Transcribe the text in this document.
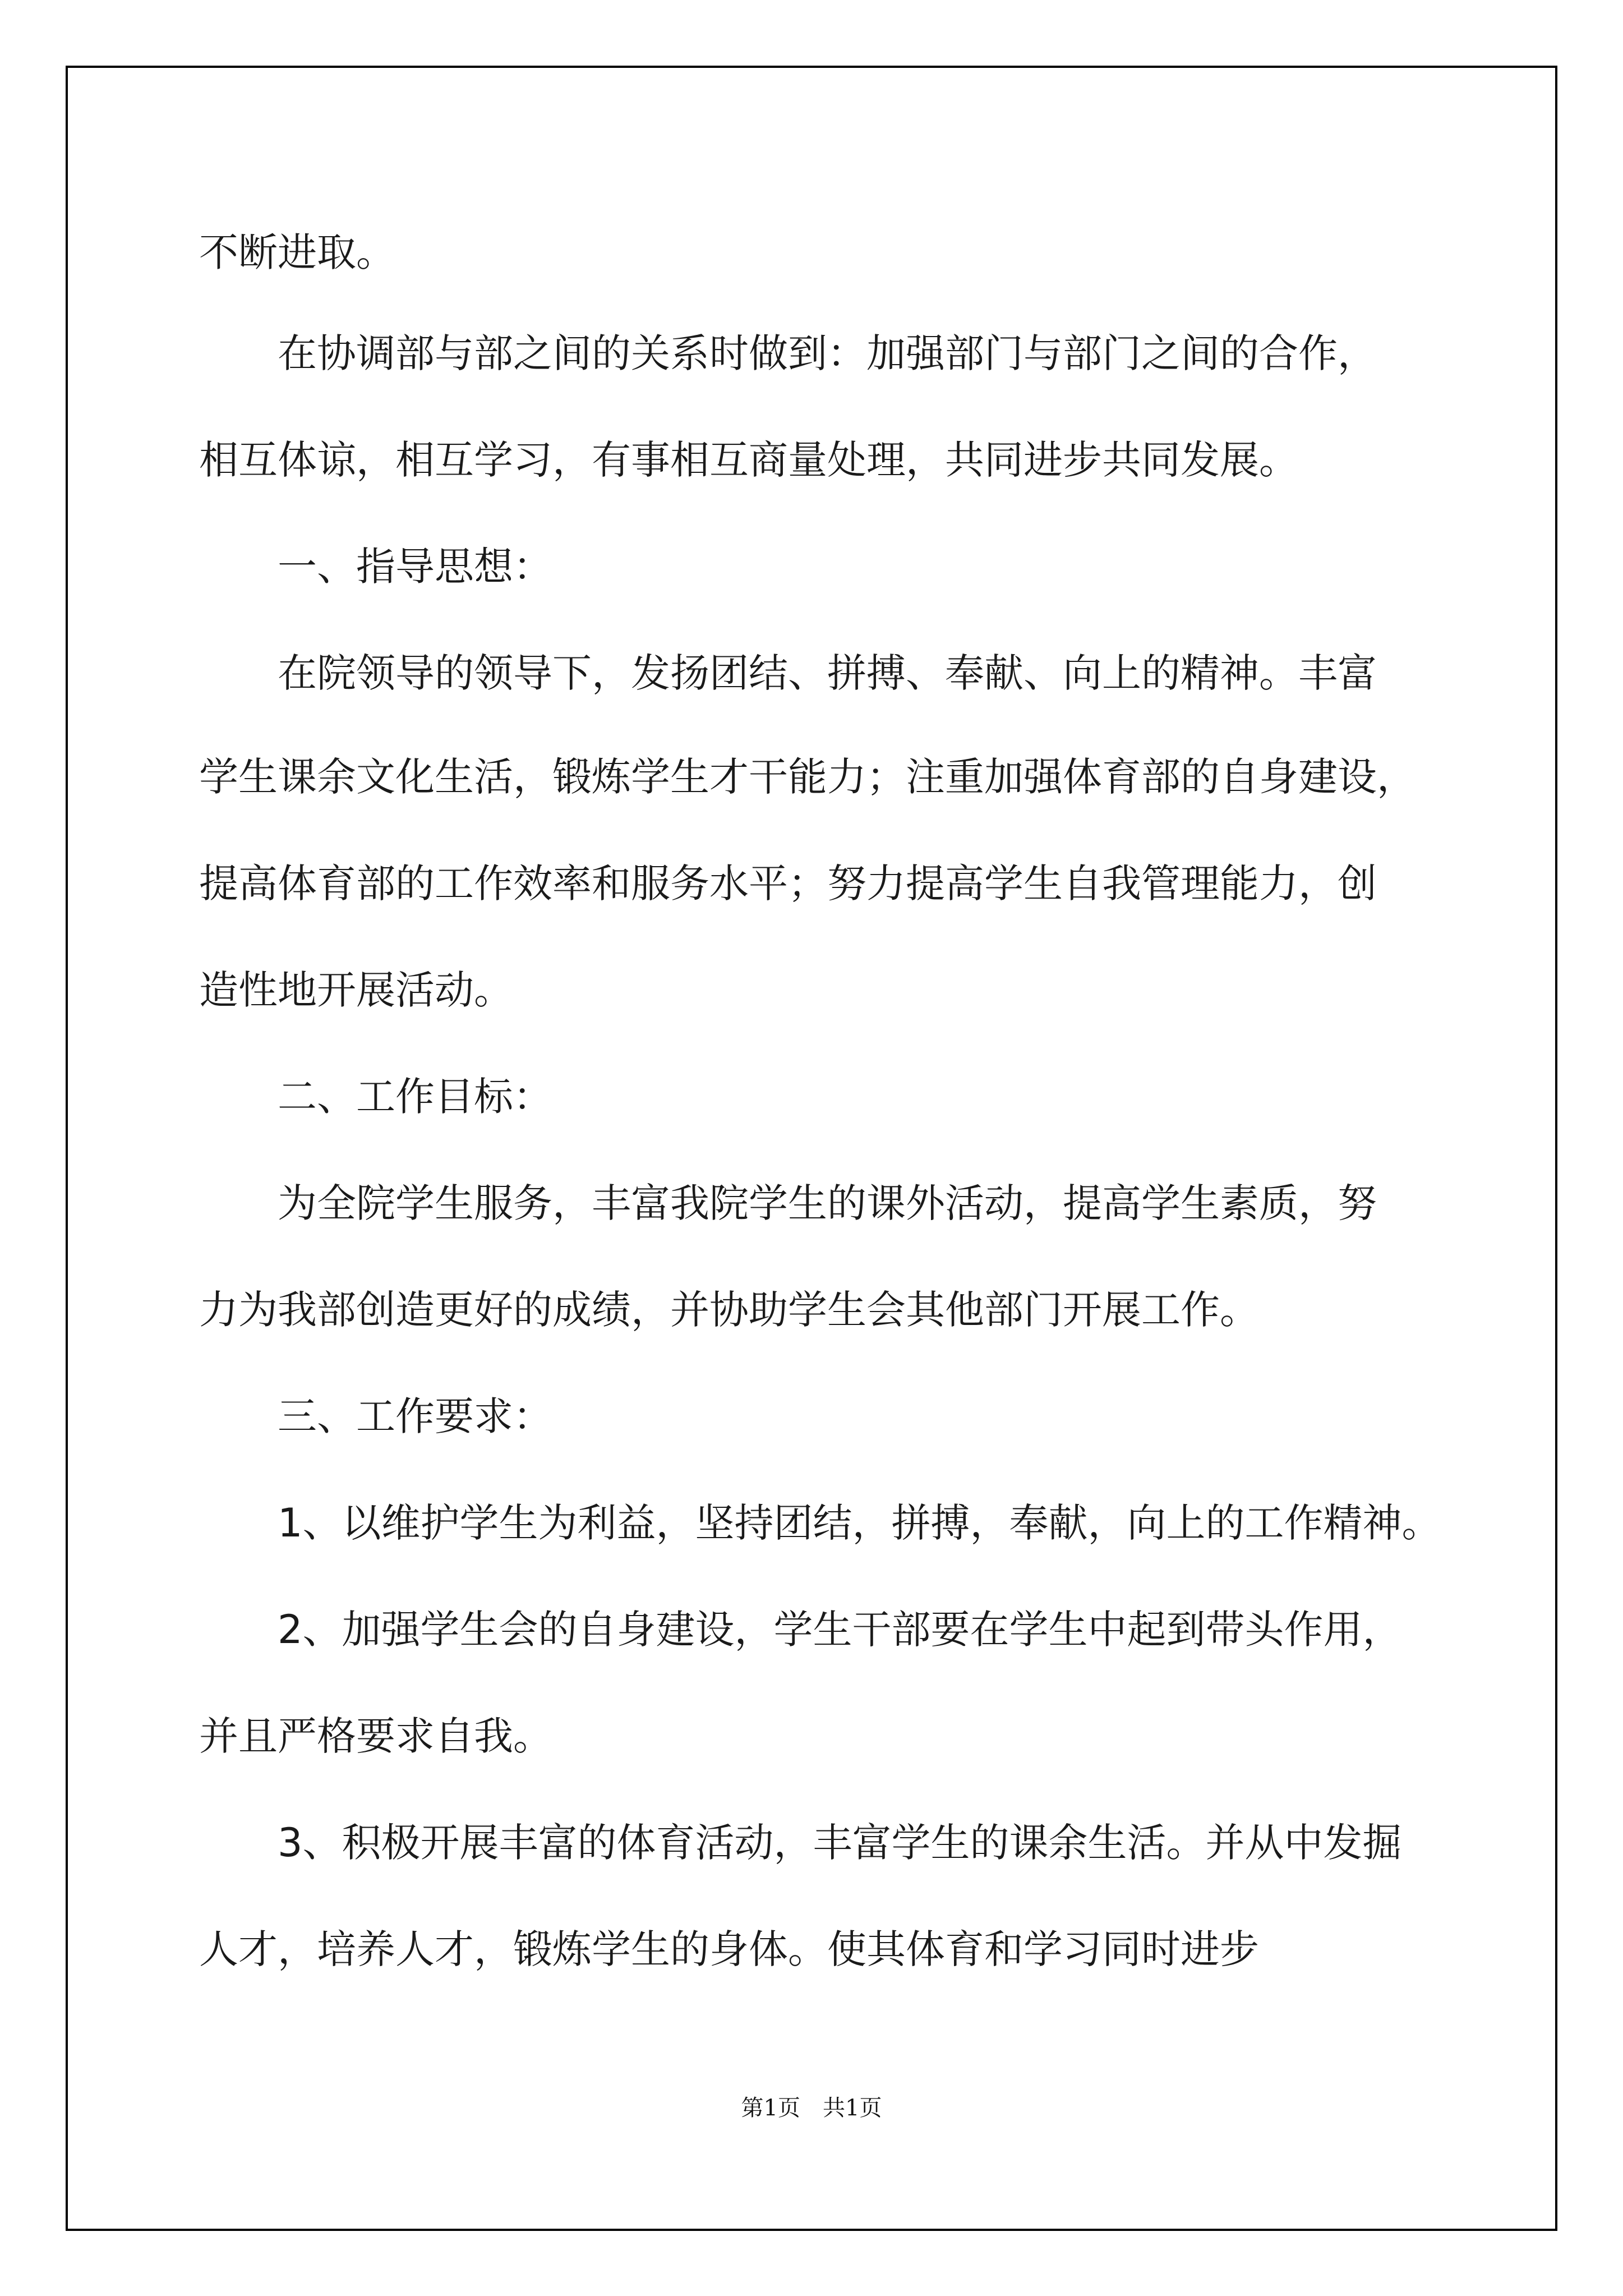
不断进取。

　　在协调部与部之间的关系时做到：加强部门与部门之间的合作，

相互体谅，相互学习，有事相互商量处理，共同进步共同发展。

　　一、指导思想：

　　在院领导的领导下，发扬团结、拼搏、奉献、向上的精神。丰富

学生课余文化生活，锻炼学生才干能力；注重加强体育部的自身建设，

提高体育部的工作效率和服务水平；努力提高学生自我管理能力，创

造性地开展活动。

　　二、工作目标：

　　为全院学生服务，丰富我院学生的课外活动，提高学生素质，努

力为我部创造更好的成绩，并协助学生会其他部门开展工作。

　　三、工作要求：

　　1、以维护学生为利益，坚持团结，拼搏，奉献，向上的工作精神。

　　2、加强学生会的自身建设，学生干部要在学生中起到带头作用，

并且严格要求自我。

　　3、积极开展丰富的体育活动，丰富学生的课余生活。并从中发掘

人才，培养人才，锻炼学生的身体。使其体育和学习同时进步

第1页　共1页
